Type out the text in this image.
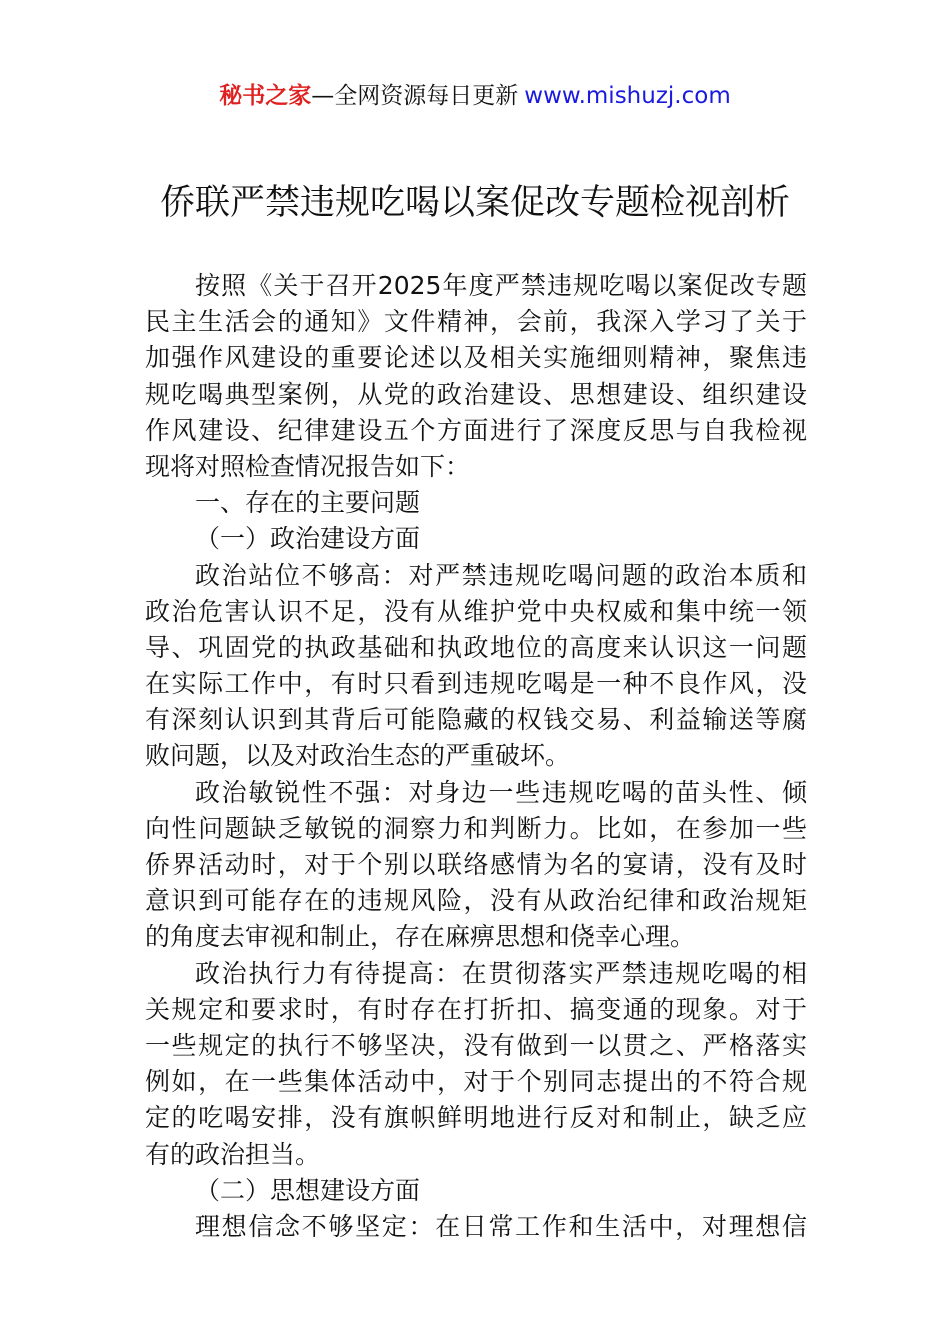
秘书之家—全网资源每日更新 www.mishuzj.com
侨联严禁违规吃喝以案促改专题检视剖析
按照《关于召开2025年度严禁违规吃喝以案促改专题
民主生活会的通知》文件精神，会前，我深入学习了关于
加强作风建设的重要论述以及相关实施细则精神，聚焦违
规吃喝典型案例，从党的政治建设、思想建设、组织建设
作风建设、纪律建设五个方面进行了深度反思与自我检视
现将对照检查情况报告如下：
一、存在的主要问题
（一）政治建设方面
政治站位不够高：对严禁违规吃喝问题的政治本质和
政治危害认识不足，没有从维护党中央权威和集中统一领
导、巩固党的执政基础和执政地位的高度来认识这一问题
在实际工作中，有时只看到违规吃喝是一种不良作风，没
有深刻认识到其背后可能隐藏的权钱交易、利益输送等腐
败问题，以及对政治生态的严重破坏。
政治敏锐性不强：对身边一些违规吃喝的苗头性、倾
向性问题缺乏敏锐的洞察力和判断力。比如，在参加一些
侨界活动时，对于个别以联络感情为名的宴请，没有及时
意识到可能存在的违规风险，没有从政治纪律和政治规矩
的角度去审视和制止，存在麻痹思想和侥幸心理。
政治执行力有待提高：在贯彻落实严禁违规吃喝的相
关规定和要求时，有时存在打折扣、搞变通的现象。对于
一些规定的执行不够坚决，没有做到一以贯之、严格落实
例如，在一些集体活动中，对于个别同志提出的不符合规
定的吃喝安排，没有旗帜鲜明地进行反对和制止，缺乏应
有的政治担当。
（二）思想建设方面
理想信念不够坚定：在日常工作和生活中，对理想信
